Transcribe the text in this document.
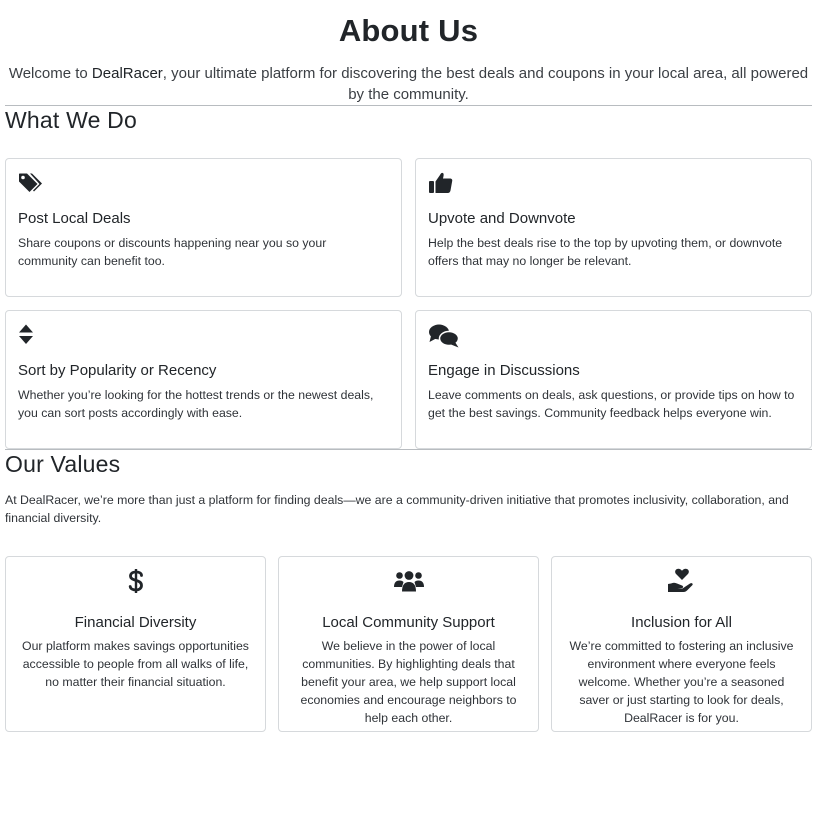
About Us

Welcome to DealRacer, your ultimate platform for discovering the best deals and coupons in your local area, all powered by the community.

What We Do
Post Local Deals

Share coupons or discounts happening near you so your community can benefit too.

Upvote and Downvote

Help the best deals rise to the top by upvoting them, or downvote offers that may no longer be relevant.

Sort by Popularity or Recency

Whether you’re looking for the hottest trends or the newest deals, you can sort posts accordingly with ease.

Engage in Discussions

Leave comments on deals, ask questions, or provide tips on how to get the best savings. Community feedback helps everyone win.

Our Values

At DealRacer, we’re more than just a platform for finding deals—we are a community-driven initiative that promotes inclusivity, collaboration, and financial diversity.

Financial Diversity

Our platform makes savings opportunities accessible to people from all walks of life, no matter their financial situation.

Local Community Support

We believe in the power of local communities. By highlighting deals that benefit your area, we help support local economies and encourage neighbors to help each other.

Inclusion for All

We’re committed to fostering an inclusive environment where everyone feels welcome. Whether you’re a seasoned saver or just starting to look for deals, DealRacer is for you.
